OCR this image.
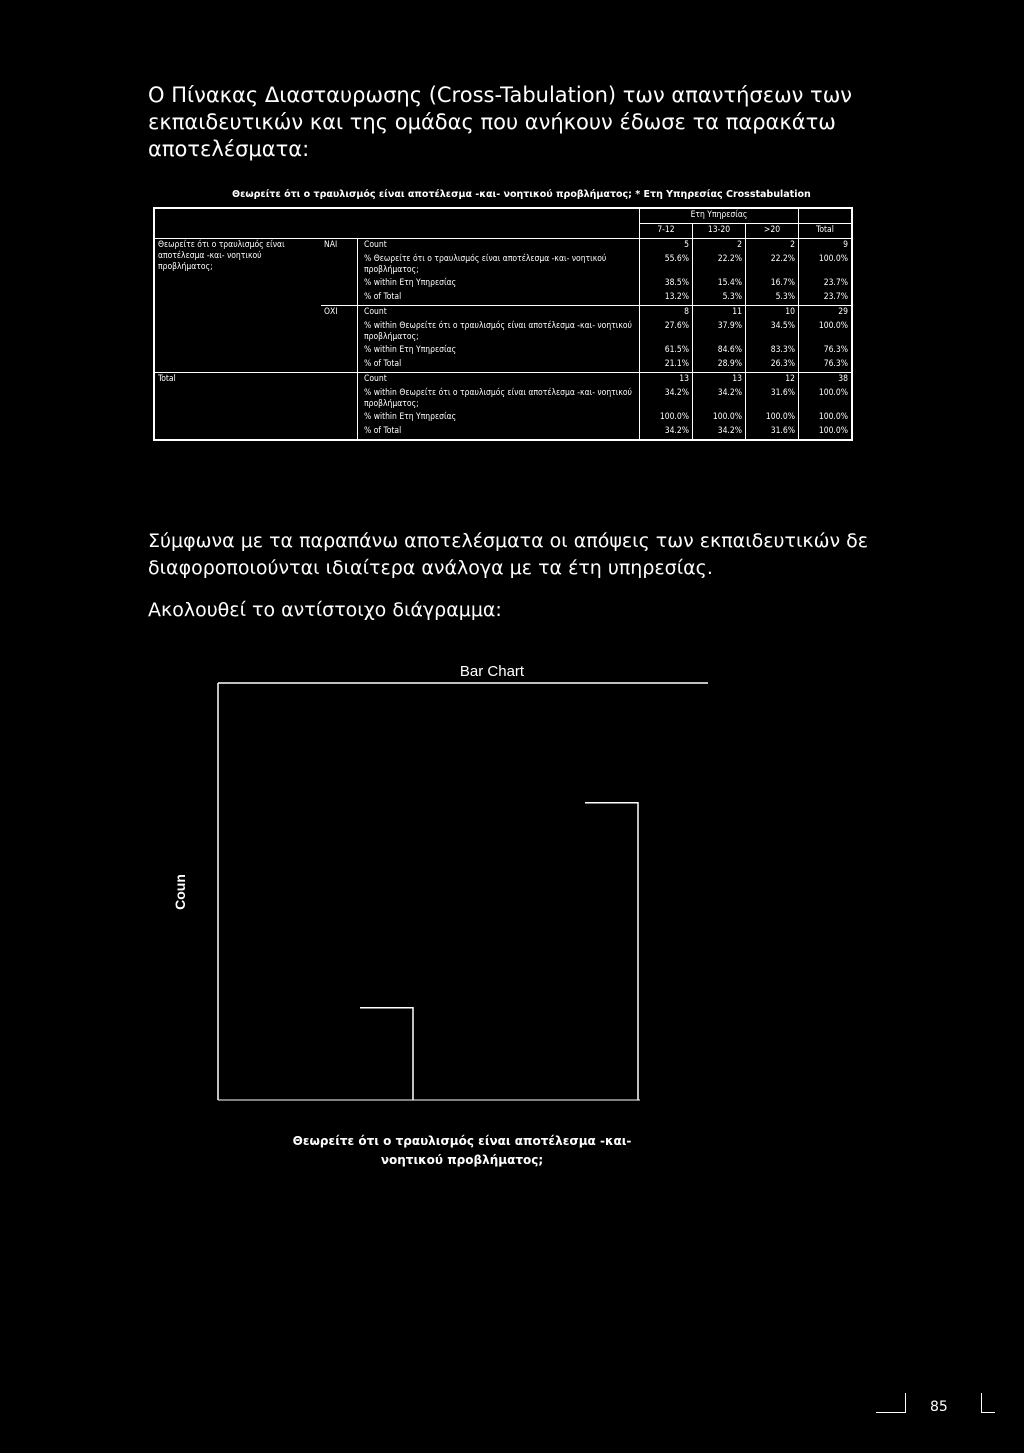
Ο Πίνακας Διασταυρωσης (Cross-Tabulation) των απαντήσεων των εκπαιδευτικών και της ομάδας που ανήκουν έδωσε τα παρακάτω αποτελέσματα:

Θεωρείτε ότι ο τραυλισμός είναι αποτέλεσμα -και- νοητικού προβλήματος; * Ετη Υπηρεσίας Crosstabulation

			Ετη Υπηρεσίας			
			7-12	13-20	>20	Total
Θεωρείτε ότι ο τραυλισμός είναι αποτέλεσμα -και- νοητικού προβλήματος;	ΝΑΙ	Count	5	2	2	9
		% Θεωρείτε ότι ο τραυλισμός είναι αποτέλεσμα -και- νοητικού προβλήματος;	55.6%	22.2%	22.2%	100.0%
		% within Ετη Υπηρεσίας	38.5%	15.4%	16.7%	23.7%
		% of Total	13.2%	5.3%	5.3%	23.7%
	ΟΧΙ	Count	8	11	10	29
		% within Θεωρείτε ότι ο τραυλισμός είναι αποτέλεσμα -και- νοητικού προβλήματος;	27.6%	37.9%	34.5%	100.0%
		% within Ετη Υπηρεσίας	61.5%	84.6%	83.3%	76.3%
		% of Total	21.1%	28.9%	26.3%	76.3%
Total		Count	13	13	12	38
		% within Θεωρείτε ότι ο τραυλισμός είναι αποτέλεσμα -και- νοητικού προβλήματος;	34.2%	34.2%	31.6%	100.0%
		% within Ετη Υπηρεσίας	100.0%	100.0%	100.0%	100.0%
		% of Total	34.2%	34.2%	31.6%	100.0%

Σύμφωνα με τα παραπάνω αποτελέσματα οι απόψεις των εκπαιδευτικών δε διαφοροποιούνται ιδιαίτερα ανάλογα με τα έτη υπηρεσίας.

Ακολουθεί το αντίστοιχο διάγραμμα:

Bar Chart
Coun
Θεωρείτε ότι ο τραυλισμός είναι αποτέλεσμα -και-
νοητικού προβλήματος;
85
